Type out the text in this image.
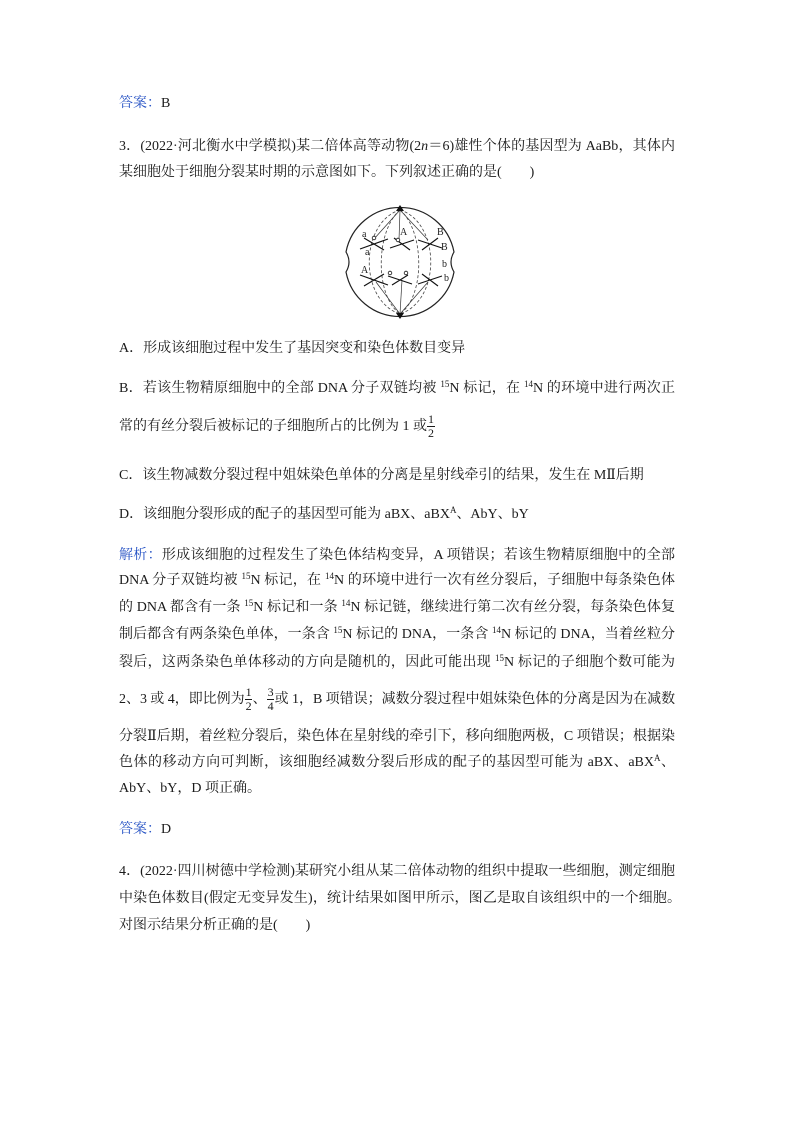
答案：B
3．(2022·河北衡水中学模拟)某二倍体高等动物(2n＝6)雄性个体的基因型为 AaBb，其体内
某细胞处于细胞分裂某时期的示意图如下。下列叙述正确的是(　　)
a
a
A
A	B
B
b
b
A．形成该细胞过程中发生了基因突变和染色体数目变异
B．若该生物精原细胞中的全部 DNA 分子双链均被 $^{15}$N 标记，在 $^{14}$N 的环境中进行两次正
常的有丝分裂后被标记的子细胞所占的比例为 1 或 $\frac{1}{2}$
C．该生物减数分裂过程中姐妹染色单体的分离是星射线牵引的结果，发生在 MⅡ后期
D．该细胞分裂形成的配子的基因型可能为 aBX、aBX$^A$、AbY、bY
解析：形成该细胞的过程发生了染色体结构变异，A 项错误；若该生物精原细胞中的全部
DNA 分子双链均被 $^{15}$N 标记，在 $^{14}$N 的环境中进行一次有丝分裂后，子细胞中每条染色体
的 DNA 都含有一条 $^{15}$N 标记和一条 $^{14}$N 标记链，继续进行第二次有丝分裂，每条染色体复
制后都含有两条染色单体，一条含 $^{15}$N 标记的 DNA，一条含 $^{14}$N 标记的 DNA，当着丝粒分
裂后，这两条染色单体移动的方向是随机的，因此可能出现 $^{15}$N 标记的子细胞个数可能为
2、3 或 4，即比例为 $\frac{1}{2}$ 、 $\frac{3}{4}$ 或 1，B 项错误；减数分裂过程中姐妹染色体的分离是因为在减数
分裂Ⅱ后期，着丝粒分裂后，染色体在星射线的牵引下，移向细胞两极，C 项错误；根据染
色体的移动方向可判断，该细胞经减数分裂后形成的配子的基因型可能为 aBX、aBX$^A$、
AbY、bY，D 项正确。
答案：D
4．(2022·四川树德中学检测)某研究小组从某二倍体动物的组织中提取一些细胞，测定细胞
中染色体数目(假定无变异发生)，统计结果如图甲所示，图乙是取自该组织中的一个细胞。
对图示结果分析正确的是(　　)
